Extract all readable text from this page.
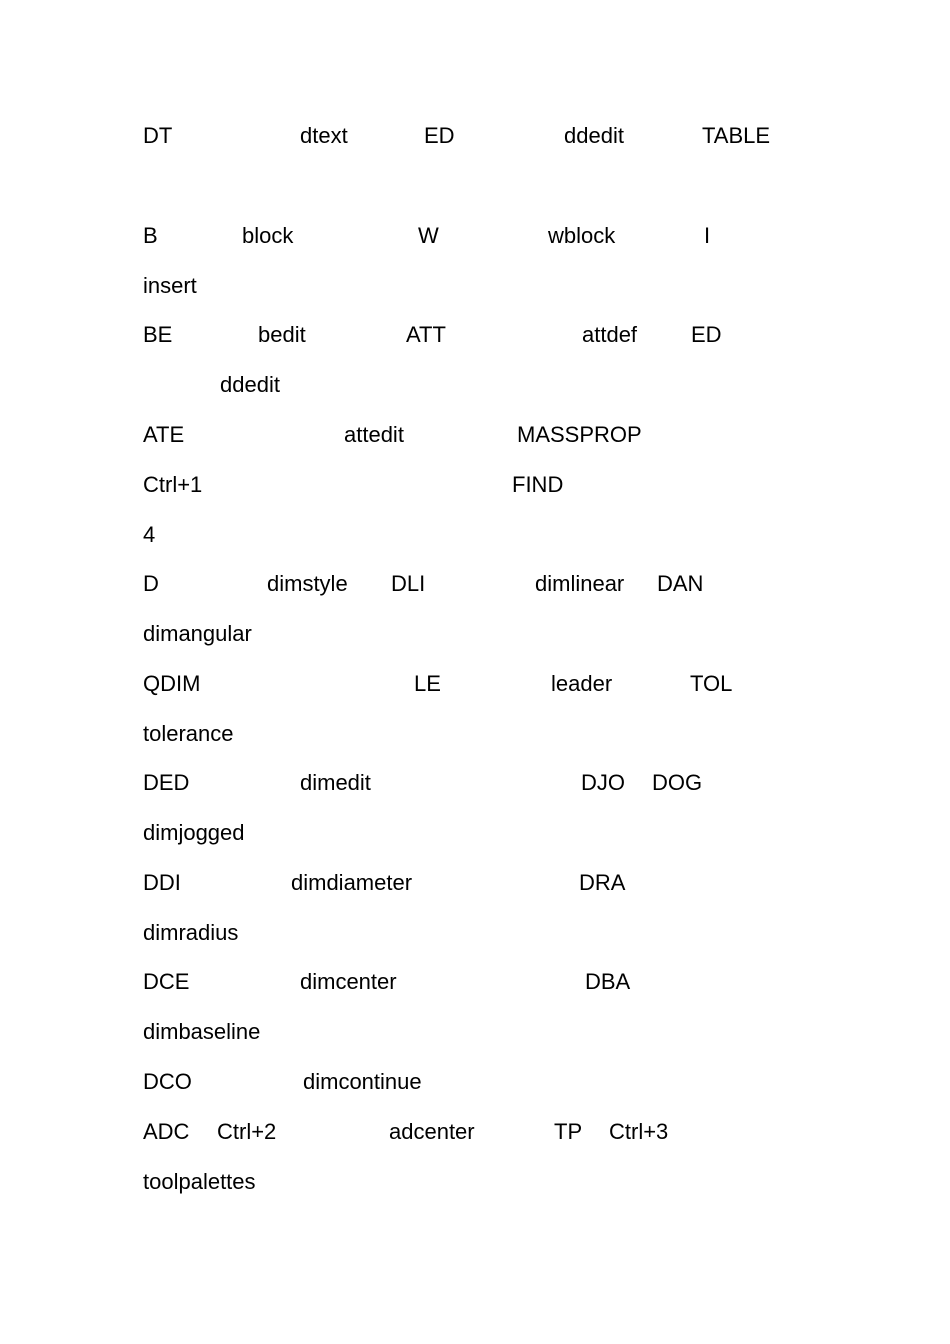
DT	dtext	ED	ddedit	TABLE
B	block	W	wblock	I
insert
BE	bedit	ATT	attdef ED
ddedit
ATE	attedit	MASSPROP
Ctrl+1	FIND
4
D	dimstyle DLI	dimlinear DAN
dimangular
QDIM	LE	leader	TOL
tolerance
DED	dimedit	DJO DOG
dimjogged
DDI	dimdiameter	DRA
dimradius
DCE	dimcenter	DBA
dimbaseline
DCO	dimcontinue
ADC Ctrl+2	adcenter	TP Ctrl+3
toolpalettes
